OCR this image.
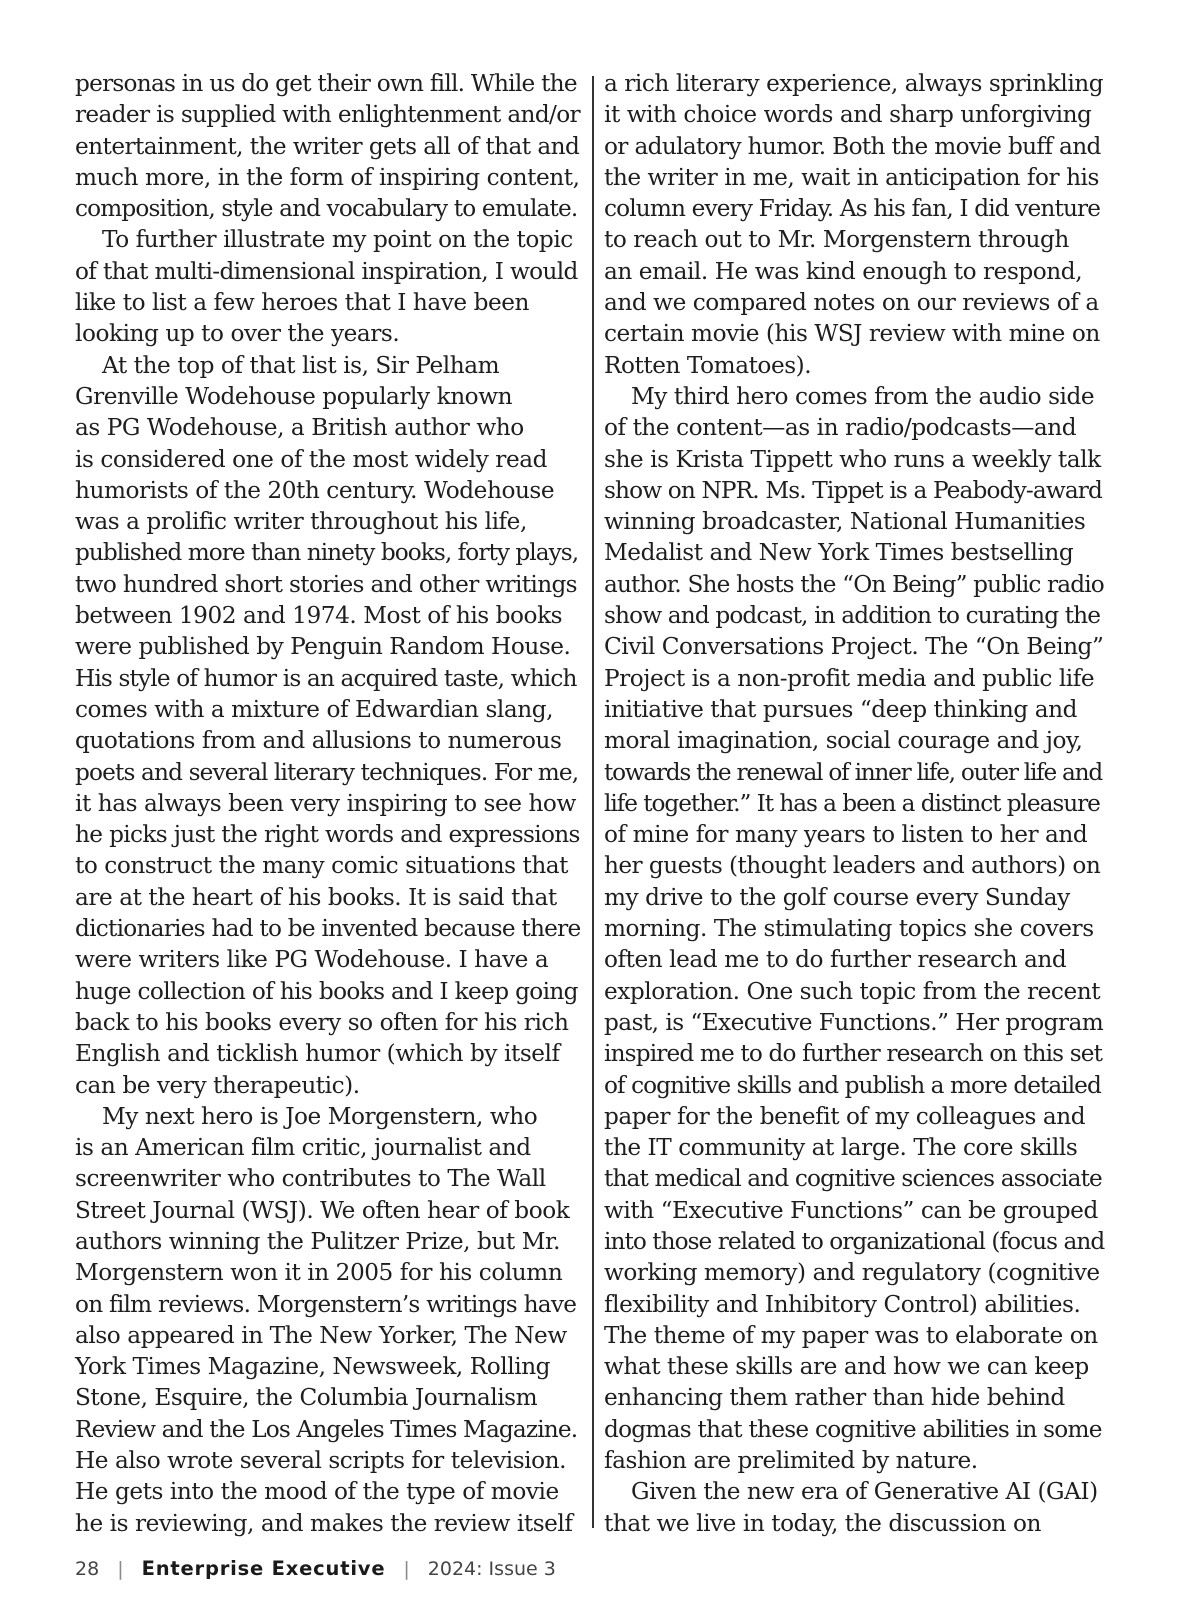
personas in us do get their own fill. While the
reader is supplied with enlightenment and/or
entertainment, the writer gets all of that and
much more, in the form of inspiring content,
composition, style and vocabulary to emulate.
To further illustrate my point on the topic
of that multi-dimensional inspiration, I would
like to list a few heroes that I have been
looking up to over the years.
At the top of that list is, Sir Pelham
Grenville Wodehouse popularly known
as PG Wodehouse, a British author who
is considered one of the most widely read
humorists of the 20th century. Wodehouse
was a prolific writer throughout his life,
published more than ninety books, forty plays,
two hundred short stories and other writings
between 1902 and 1974. Most of his books
were published by Penguin Random House.
His style of humor is an acquired taste, which
comes with a mixture of Edwardian slang,
quotations from and allusions to numerous
poets and several literary techniques. For me,
it has always been very inspiring to see how
he picks just the right words and expressions
to construct the many comic situations that
are at the heart of his books. It is said that
dictionaries had to be invented because there
were writers like PG Wodehouse. I have a
huge collection of his books and I keep going
back to his books every so often for his rich
English and ticklish humor (which by itself
can be very therapeutic).
My next hero is Joe Morgenstern, who
is an American film critic, journalist and
screenwriter who contributes to The Wall
Street Journal (WSJ). We often hear of book
authors winning the Pulitzer Prize, but Mr.
Morgenstern won it in 2005 for his column
on film reviews. Morgenstern’s writings have
also appeared in The New Yorker, The New
York Times Magazine, Newsweek, Rolling
Stone, Esquire, the Columbia Journalism
Review and the Los Angeles Times Magazine.
He also wrote several scripts for television.
He gets into the mood of the type of movie
he is reviewing, and makes the review itself
a rich literary experience, always sprinkling
it with choice words and sharp unforgiving
or adulatory humor. Both the movie buff and
the writer in me, wait in anticipation for his
column every Friday. As his fan, I did venture
to reach out to Mr. Morgenstern through
an email. He was kind enough to respond,
and we compared notes on our reviews of a
certain movie (his WSJ review with mine on
Rotten Tomatoes).
My third hero comes from the audio side
of the content—as in radio/podcasts—and
she is Krista Tippett who runs a weekly talk
show on NPR. Ms. Tippet is a Peabody-award
winning broadcaster, National Humanities
Medalist and New York Times bestselling
author. She hosts the “On Being” public radio
show and podcast, in addition to curating the
Civil Conversations Project. The “On Being”
Project is a non-profit media and public life
initiative that pursues “deep thinking and
moral imagination, social courage and joy,
towards the renewal of inner life, outer life and
life together.” It has a been a distinct pleasure
of mine for many years to listen to her and
her guests (thought leaders and authors) on
my drive to the golf course every Sunday
morning. The stimulating topics she covers
often lead me to do further research and
exploration. One such topic from the recent
past, is “Executive Functions.” Her program
inspired me to do further research on this set
of cognitive skills and publish a more detailed
paper for the benefit of my colleagues and
the IT community at large. The core skills
that medical and cognitive sciences associate
with “Executive Functions” can be grouped
into those related to organizational (focus and
working memory) and regulatory (cognitive
flexibility and Inhibitory Control) abilities.
The theme of my paper was to elaborate on
what these skills are and how we can keep
enhancing them rather than hide behind
dogmas that these cognitive abilities in some
fashion are prelimited by nature.
Given the new era of Generative AI (GAI)
that we live in today, the discussion on
28 | Enterprise Executive | 2024: Issue 3
